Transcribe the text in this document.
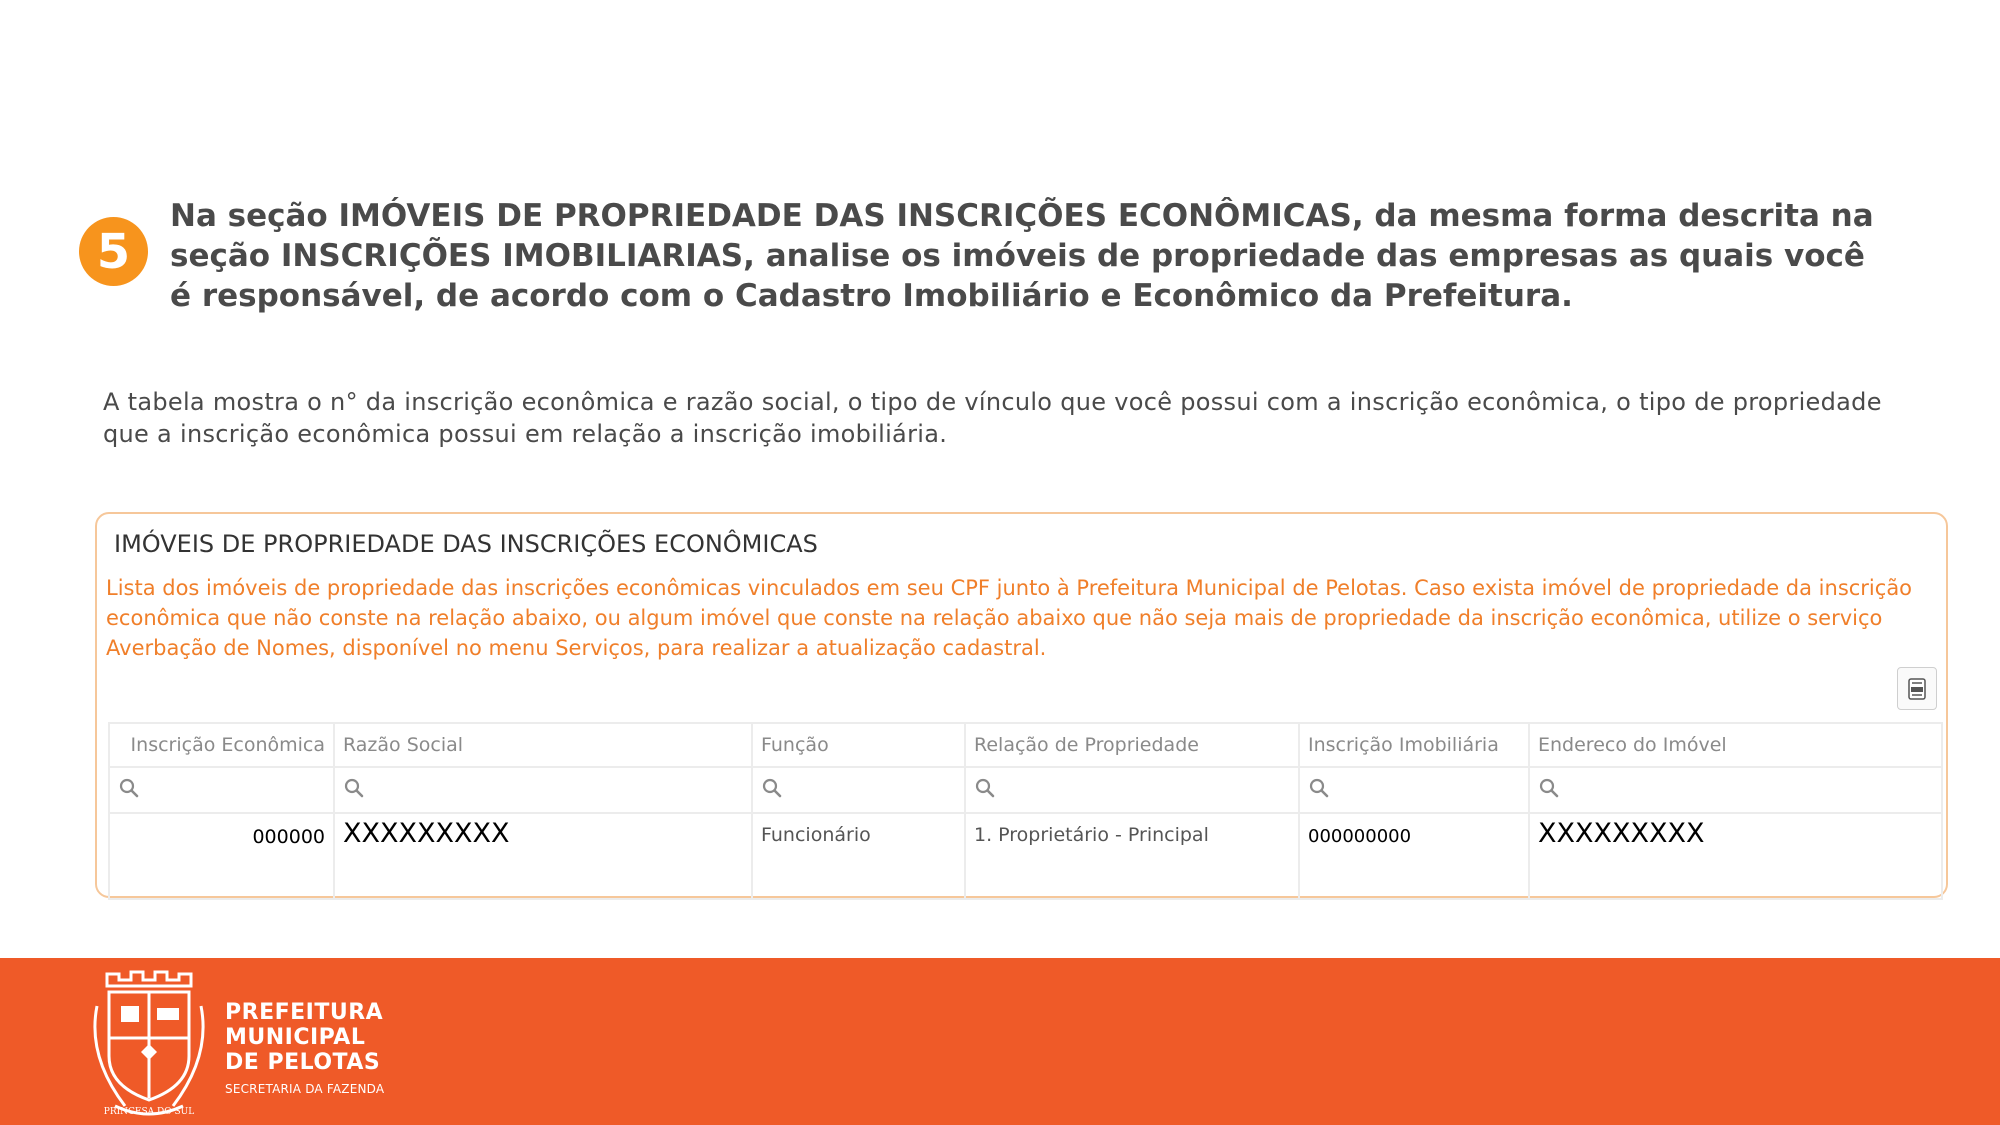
5
Na seção IMÓVEIS DE PROPRIEDADE DAS INSCRIÇÕES ECONÔMICAS, da mesma forma descrita na seção INSCRIÇÕES IMOBILIARIAS, analise os imóveis de propriedade das empresas as quais você é responsável, de acordo com o Cadastro Imobiliário e Econômico da Prefeitura.
A tabela mostra o n° da inscrição econômica e razão social, o tipo de vínculo que você possui com a inscrição econômica, o tipo de propriedade que a inscrição econômica possui em relação a inscrição imobiliária.
IMÓVEIS DE PROPRIEDADE DAS INSCRIÇÕES ECONÔMICAS
Lista dos imóveis de propriedade das inscrições econômicas vinculados em seu CPF junto à Prefeitura Municipal de Pelotas. Caso exista imóvel de propriedade da inscrição econômica que não conste na relação abaixo, ou algum imóvel que conste na relação abaixo que não seja mais de propriedade da inscrição econômica, utilize o serviço Averbação de Nomes, disponível no menu Serviços, para realizar a atualização cadastral.
Inscrição Econômica	Razão Social	Função	Relação de Propriedade	Inscrição Imobiliária	Endereco do Imóvel

000000	XXXXXXXXX	Funcionário	1. Proprietário - Principal	000000000	XXXXXXXXX
PRINCESA DO SUL
PREFEITURA
MUNICIPAL
DE PELOTAS
SECRETARIA DA FAZENDA
